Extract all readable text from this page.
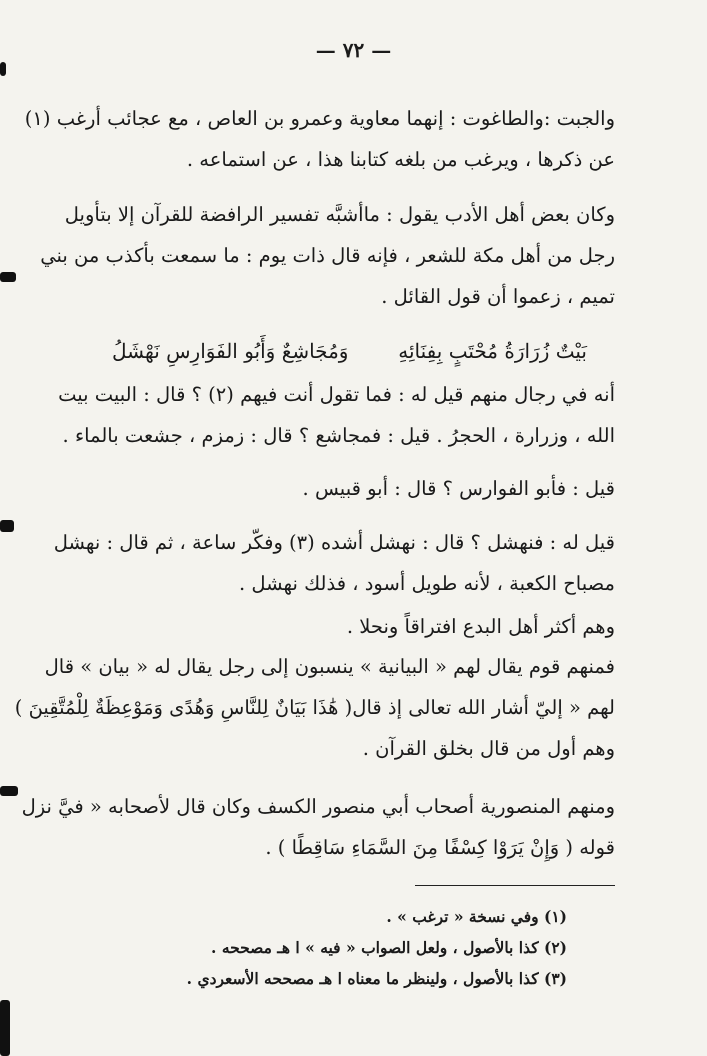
— ٧٢ —
والجبت :والطاغوت : إنهما معاوية وعمرو بن العاص ، مع عجائب أرغب (١)
عن ذكرها ، ويرغب من بلغه كتابنا هذا ، عن استماعه .
وكان بعض أهل الأدب يقول : ماأشبَّه تفسير الرافضة للقرآن إلا بتأويل
رجل من أهل مكة للشعر ، فإنه قال ذات يوم : ما سمعت بأكذب من بني
تميم ، زعموا أن قول القائل .
بَيْتٌ زُرَارَةُ مُحْتَبٍ بِفِنَائِهِ
وَمُجَاشِعٌ وَأَبُو الفَوَارِسِ نَهْشَلُ
أنه في رجال منهم قيل له : فما تقول أنت فيهم (٢) ؟ قال : البيت بيت
الله ، وزرارة ، الحجرُ . قيل : فمجاشع ؟ قال : زمزم ، جشعت بالماء .
قيل : فأبو الفوارس ؟ قال : أبو قبيس .
قيل له : فنهشل ؟ قال : نهشل أشده (٣) وفكّر ساعة ، ثم قال : نهشل
مصباح الكعبة ، لأنه طويل أسود ، فذلك نهشل .
وهم أكثر أهل البدع افتراقاً ونحلا .
فمنهم قوم يقال لهم « البيانية » ينسبون إلى رجل يقال له « بيان » قال
لهم « إليّ أشار الله تعالى إذ قال( هَٰذَا بَيَانٌ لِلنَّاسِ وَهُدًى وَمَوْعِظَةٌ لِلْمُتَّقِينَ )
وهم أول من قال بخلق القرآن .
ومنهم المنصورية أصحاب أبي منصور الكسف وكان قال لأصحابه « فيَّ نزل
قوله ( وَإِنْ يَرَوْا كِسْفًا مِنَ السَّمَاءِ سَاقِطًا ) .
(١) وفي نسخة « ترغب » .
(٢) كذا بالأصول ، ولعل الصواب « فيه » ا هـ مصححه .
(٣) كذا بالأصول ، ولينظر ما معناه ا هـ مصححه الأسعردي .
